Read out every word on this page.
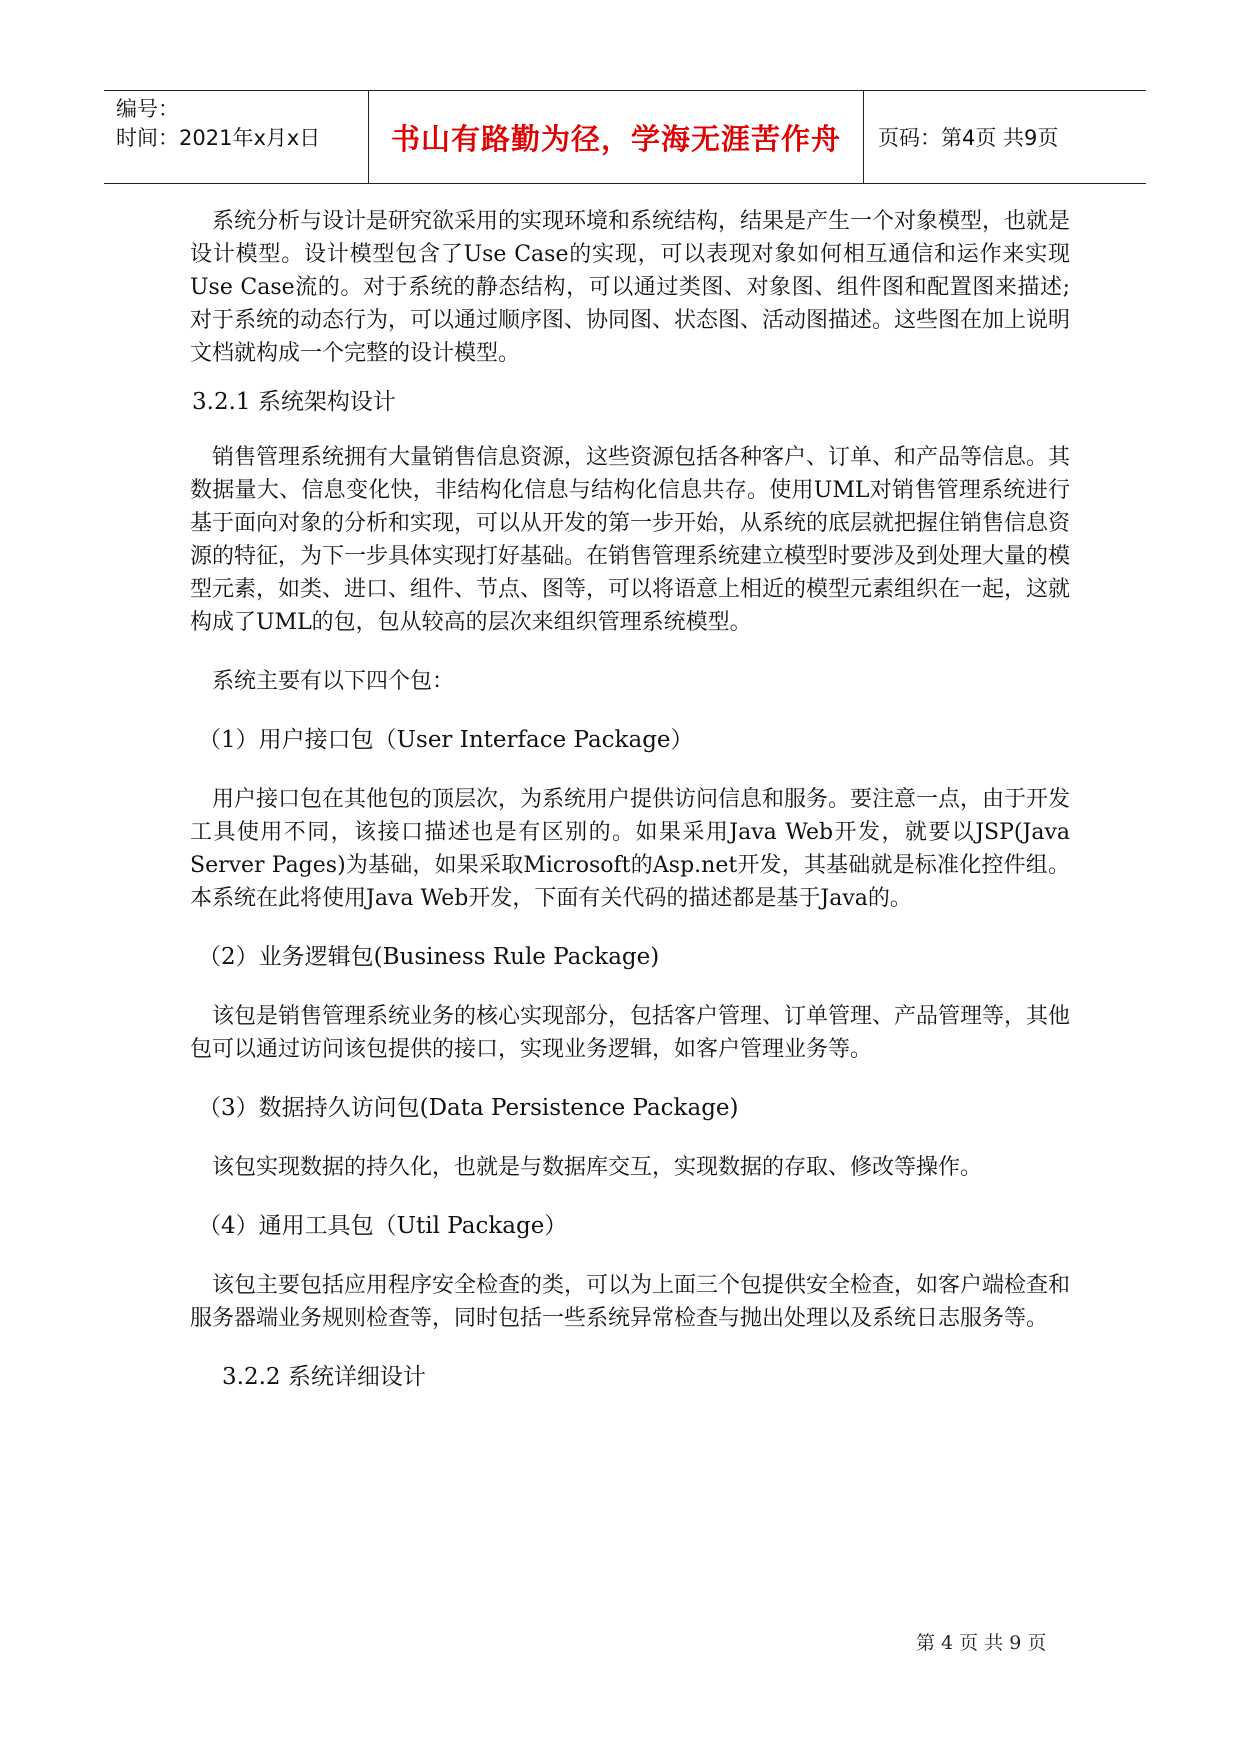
编号：
时间：2021年x月x日	书山有路勤为径，学海无涯苦作舟	页码：第4页 共9页

系统分析与设计是研究欲采用的实现环境和系统结构，结果是产生一个对象模型，也就是设计模型。设计模型包含了Use Case的实现，可以表现对象如何相互通信和运作来实现Use Case流的。对于系统的静态结构，可以通过类图、对象图、组件图和配置图来描述; 对于系统的动态行为，可以通过顺序图、协同图、状态图、活动图描述。这些图在加上说明文档就构成一个完整的设计模型。

3.2.1 系统架构设计

销售管理系统拥有大量销售信息资源，这些资源包括各种客户、订单、和产品等信息。其数据量大、信息变化快，非结构化信息与结构化信息共存。使用UML对销售管理系统进行基于面向对象的分析和实现，可以从开发的第一步开始，从系统的底层就把握住销售信息资源的特征，为下一步具体实现打好基础。在销售管理系统建立模型时要涉及到处理大量的模型元素，如类、进口、组件、节点、图等，可以将语意上相近的模型元素组织在一起，这就构成了UML的包，包从较高的层次来组织管理系统模型。

系统主要有以下四个包：

（1）用户接口包（User Interface Package）

用户接口包在其他包的顶层次，为系统用户提供访问信息和服务。要注意一点，由于开发工具使用不同，该接口描述也是有区别的。如果采用Java Web开发，就要以JSP(Java Server Pages)为基础，如果采取Microsoft的Asp.net开发，其基础就是标准化控件组。本系统在此将使用Java Web开发，下面有关代码的描述都是基于Java的。

（2）业务逻辑包(Business Rule Package)

该包是销售管理系统业务的核心实现部分，包括客户管理、订单管理、产品管理等，其他包可以通过访问该包提供的接口，实现业务逻辑，如客户管理业务等。

（3）数据持久访问包(Data Persistence Package)

该包实现数据的持久化，也就是与数据库交互，实现数据的存取、修改等操作。

（4）通用工具包（Util Package）

该包主要包括应用程序安全检查的类，可以为上面三个包提供安全检查，如客户端检查和服务器端业务规则检查等，同时包括一些系统异常检查与抛出处理以及系统日志服务等。

3.2.2 系统详细设计

第 4 页 共 9 页
